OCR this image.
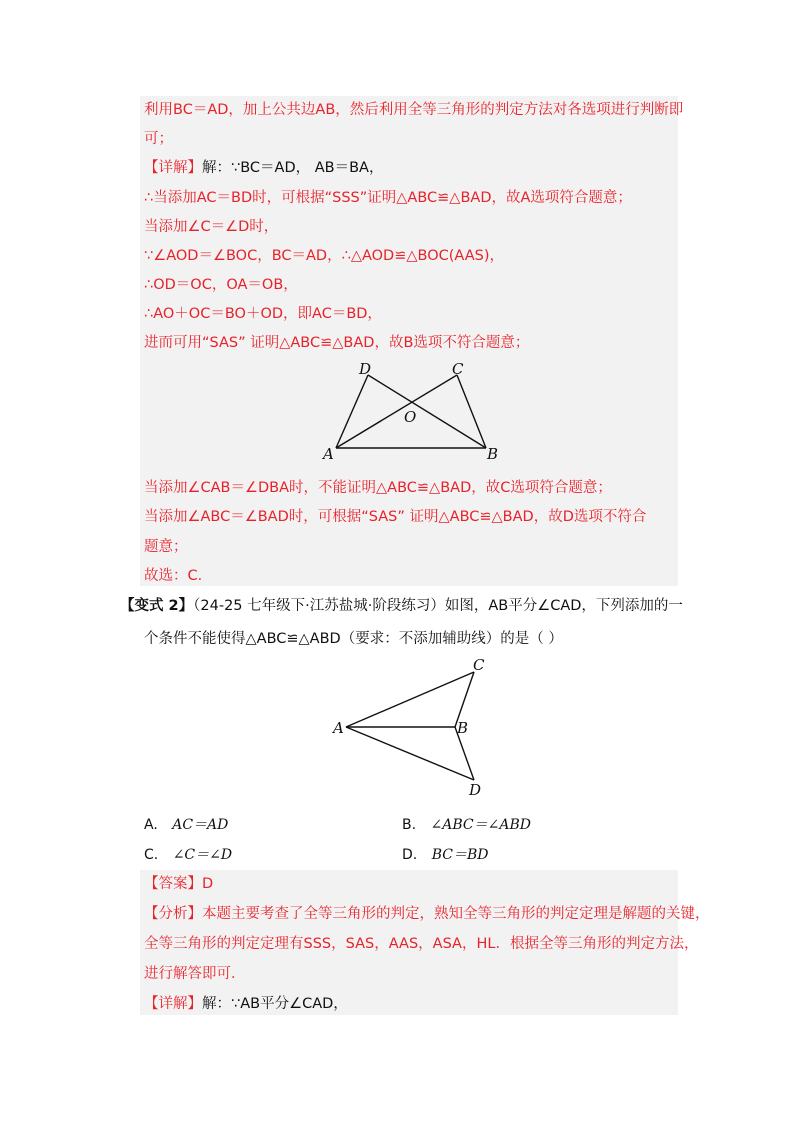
利用BC＝AD，加上公共边AB，然后利用全等三角形的判定方法对各选项进行判断即
可；
【详解】解：∵BC＝AD， AB＝BA，
∴当添加AC＝BD时，可根据“SSS”证明△ABC≌△BAD，故A选项符合题意；
当添加∠C＝∠D时，
∵∠AOD＝∠BOC，BC＝AD，∴△AOD≌△BOC(AAS)，
∴OD＝OC，OA＝OB，
∴AO＋OC＝BO＋OD，即AC＝BD，
进而可用“SAS” 证明△ABC≌△BAD，故B选项不符合题意；
D	C
O
A	B
当添加∠CAB＝∠DBA时，不能证明△ABC≌△BAD，故C选项符合题意；
当添加∠ABC＝∠BAD时，可根据“SAS” 证明△ABC≌△BAD，故D选项不符合
题意；
故选：C．
【变式 2】（24-25 七年级下·江苏盐城·阶段练习）如图，AB平分∠CAD，下列添加的一
个条件不能使得△ABC≌△ABD（要求：不添加辅助线）的是（ ）
C
A	B
D
A. AC＝AD	B. ∠ABC＝∠ABD
C. ∠C＝∠D	D. BC＝BD
【答案】D
【分析】本题主要考查了全等三角形的判定，熟知全等三角形的判定定理是解题的关键，
全等三角形的判定定理有SSS，SAS，AAS，ASA，HL．根据全等三角形的判定方法，
进行解答即可．
【详解】解：∵AB平分∠CAD，
